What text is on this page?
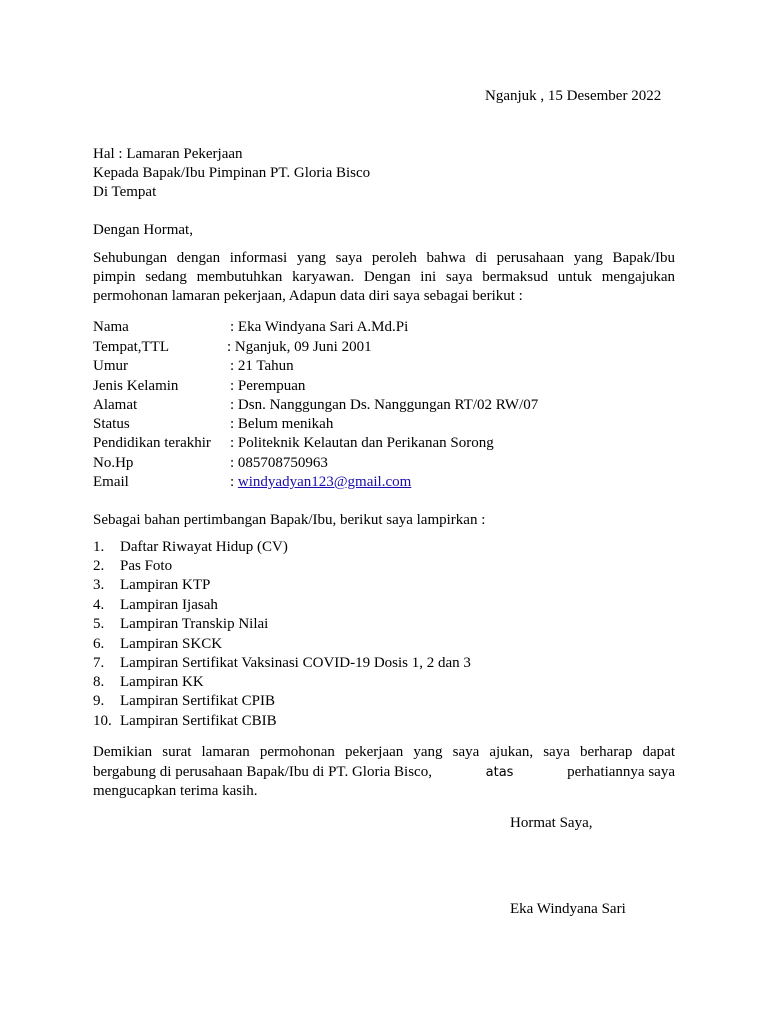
Nganjuk , 15 Desember 2022
Hal : Lamaran Pekerjaan
Kepada Bapak/Ibu Pimpinan PT. Gloria Bisco
Di Tempat
Dengan Hormat,
Sehubungan dengan informasi yang saya peroleh bahwa di perusahaan yang Bapak/Ibu
pimpin sedang membutuhkan karyawan. Dengan ini saya bermaksud untuk mengajukan
permohonan lamaran pekerjaan, Adapun data diri saya sebagai berikut :
Nama	: Eka Windyana Sari A.Md.Pi
Tempat,TTL	: Nganjuk, 09 Juni 2001
Umur	: 21 Tahun
Jenis Kelamin	: Perempuan
Alamat	: Dsn. Nanggungan Ds. Nanggungan RT/02 RW/07
Status	: Belum menikah
Pendidikan terakhir : Politeknik Kelautan dan Perikanan Sorong
No.Hp	: 085708750963
Email	: windyadyan123@gmail.com
Sebagai bahan pertimbangan Bapak/Ibu, berikut saya lampirkan :
1. Daftar Riwayat Hidup (CV)
2. Pas Foto
3. Lampiran KTP
4. Lampiran Ijasah
5. Lampiran Transkip Nilai
6. Lampiran SKCK
7. Lampiran Sertifikat Vaksinasi COVID-19 Dosis 1, 2 dan 3
8. Lampiran KK
9. Lampiran Sertifikat CPIB
10. Lampiran Sertifikat CBIB
Demikian surat lamaran permohonan pekerjaan yang saya ajukan, saya berharap dapat
bergabung di perusahaan Bapak/Ibu di PT. Gloria Bisco,	atas	perhatiannya saya
mengucapkan terima kasih.
Hormat Saya,
Eka Windyana Sari
